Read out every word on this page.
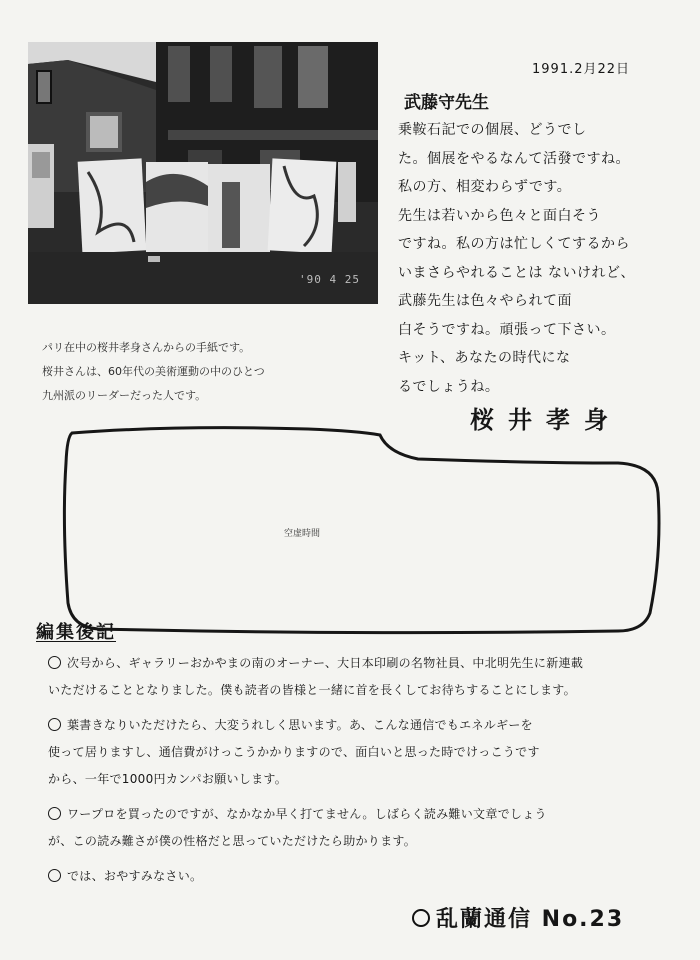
'90 4 25
1991.2月22日
武藤守先生
乗鞍石記での個展、どうでし
た。個展をやるなんて活發ですね。
私の方、相変わらずです。
先生は若いから色々と面白そう
ですね。私の方は忙しくてするから
いまさらやれることは ないけれど、
武藤先生は色々やられて面
白そうですね。頑張って下さい。
キット、あなたの時代にな
るでしょうね。
桜井孝身
パリ在中の桜井孝身さんからの手紙です。
桜井さんは、60年代の美術運動の中のひとつ
九州派のリーダーだった人です。
空虚時間
編集後記
次号から、ギャラリーおかやまの南のオーナー、大日本印刷の名物社員、中北明先生に新連載
いただけることとなりました。僕も読者の皆様と一緒に首を長くしてお待ちすることにします。
葉書きなりいただけたら、大変うれしく思います。あ、こんな通信でもエネルギーを
使って居りますし、通信費がけっこうかかりますので、面白いと思った時でけっこうです
から、一年で1000円カンパお願いします。
ワープロを買ったのですが、なかなか早く打てません。しばらく読み難い文章でしょう
が、この読み難さが僕の性格だと思っていただけたら助かります。
では、おやすみなさい。
乱蘭通信 No.23
